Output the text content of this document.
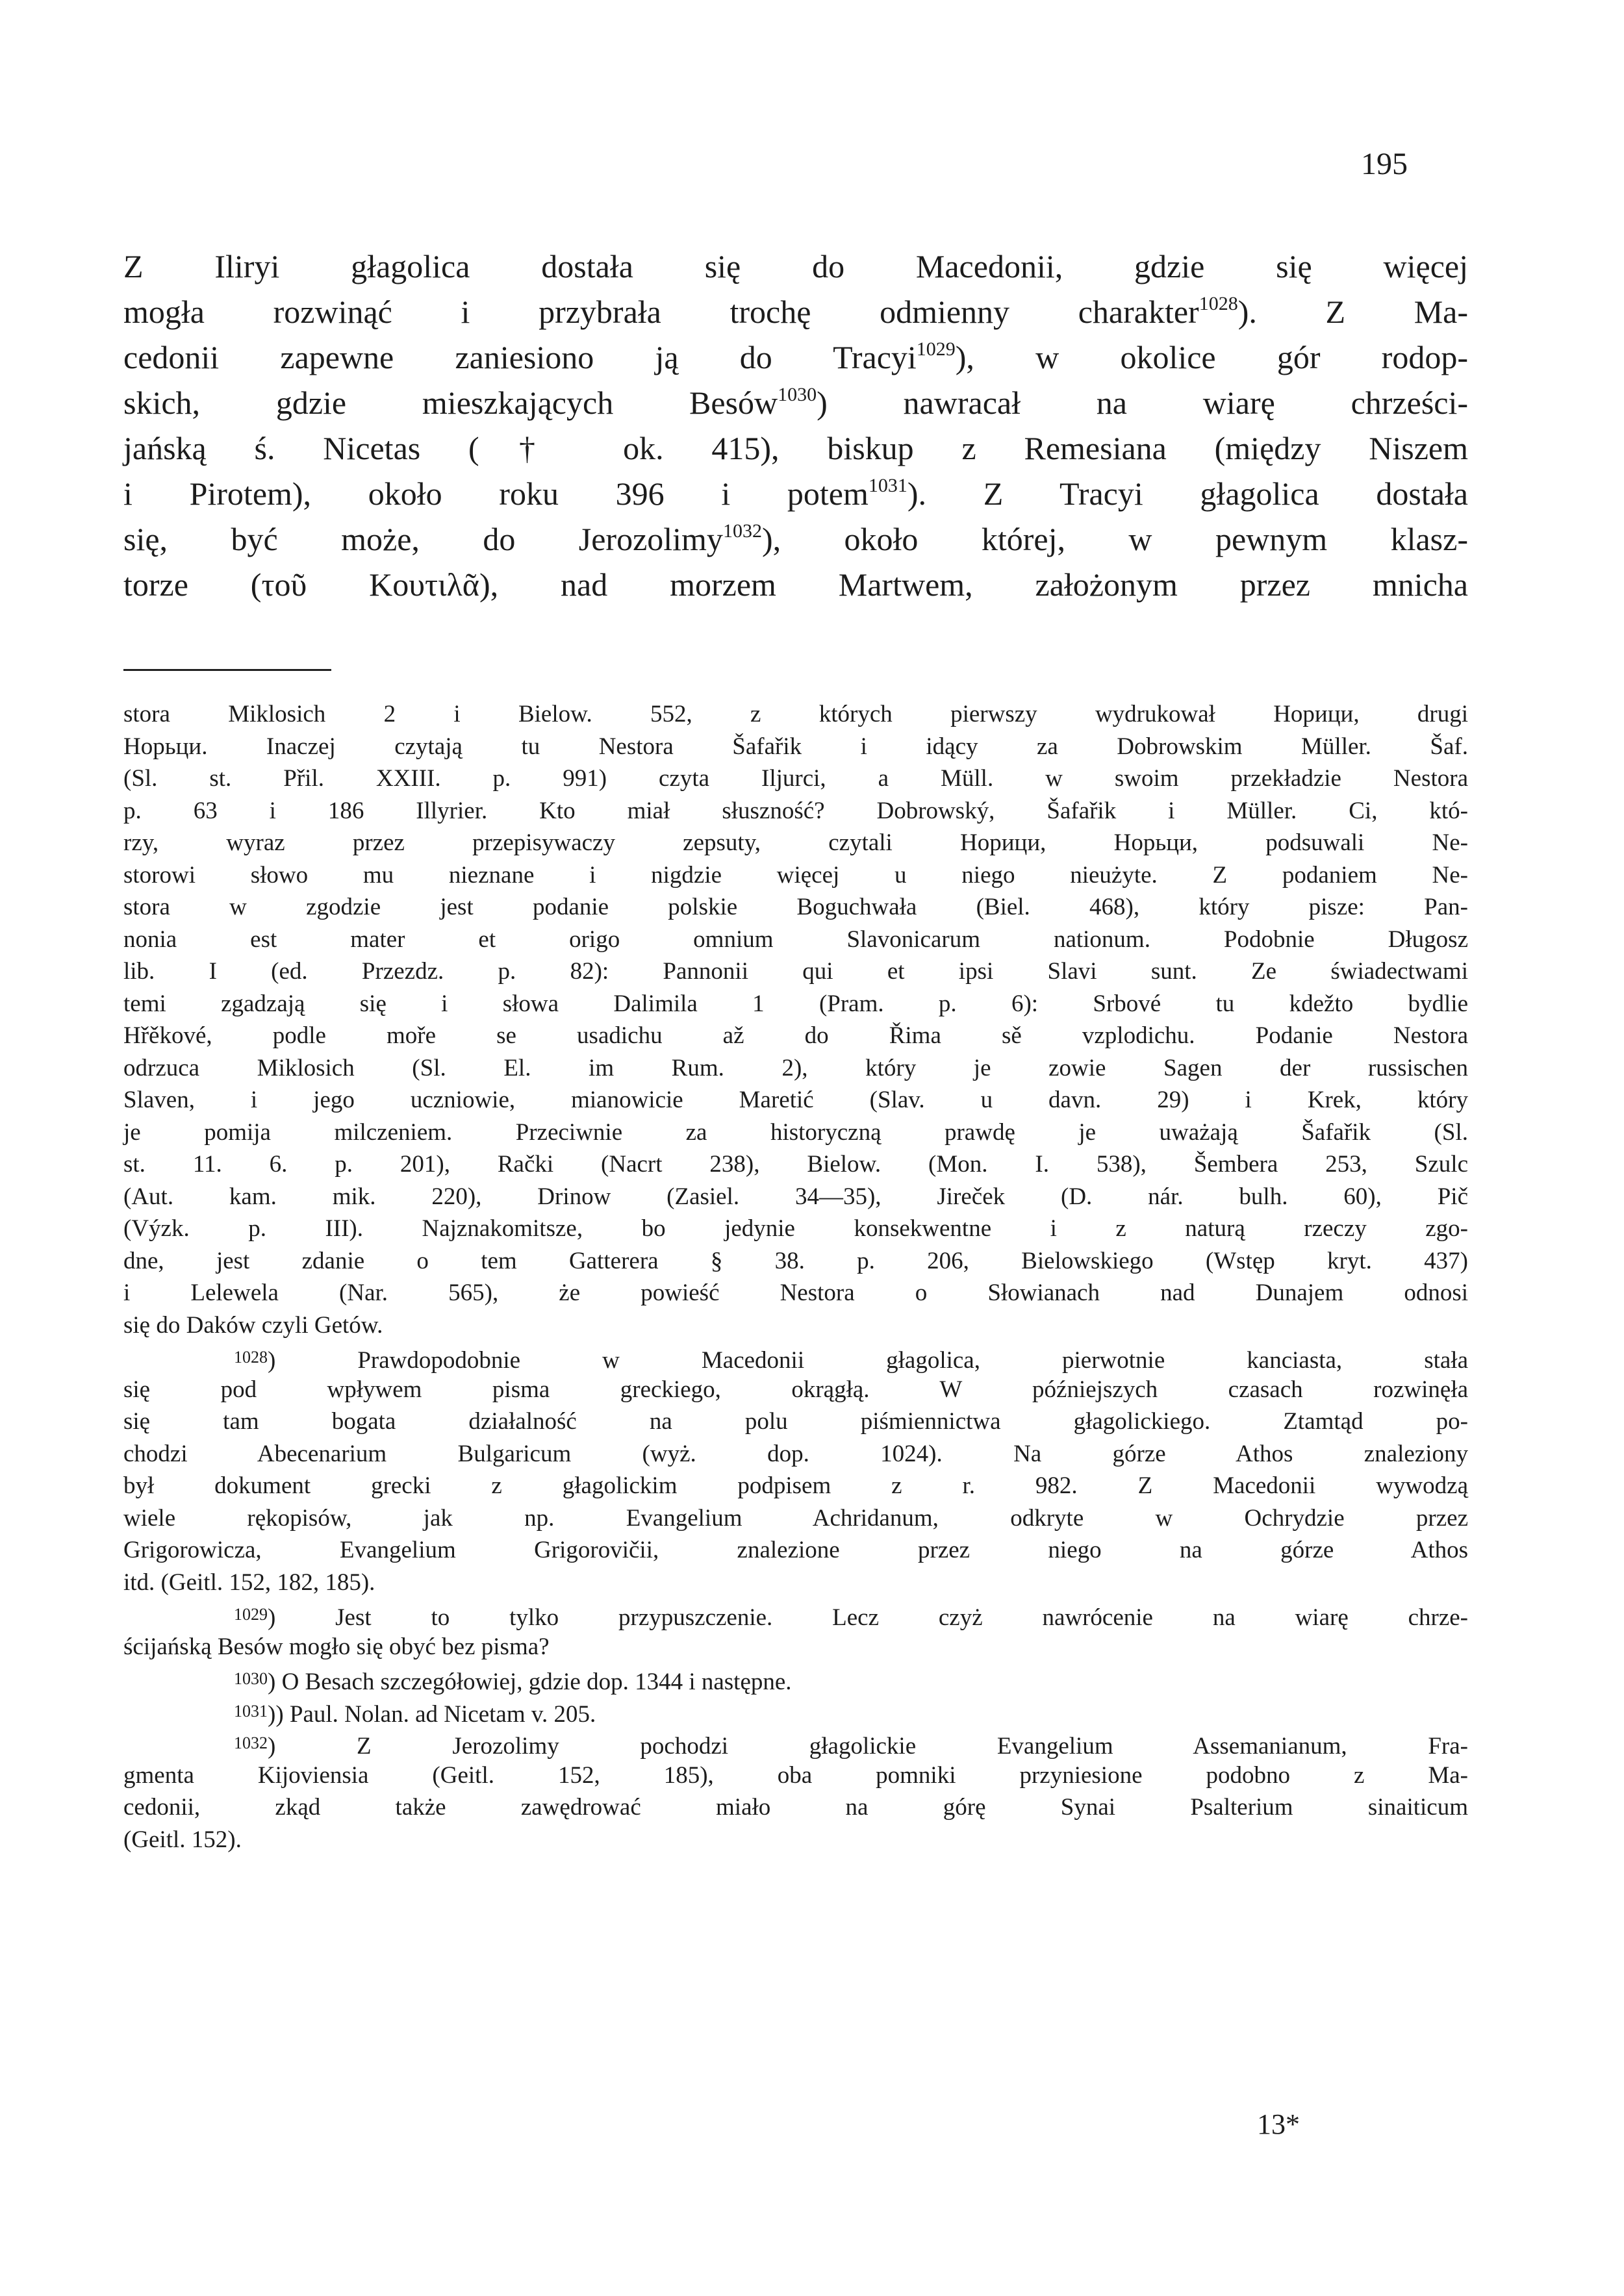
195
Z Iliryi głagolica dostała się do Macedonii, gdzie się więcej
mogła rozwinąć i przybrała trochę odmienny charakter$^{1028}$). Z Ma-
cedonii zapewne zaniesiono ją do Tracyi$^{1029}$), w okolice gór rodop-
skich, gdzie mieszkających Besów$^{1030}$) nawracał na wiarę chrześci-
jańską ś. Nicetas († ok. 415), biskup z Remesiana (między Niszem
i Pirotem), około roku 396 i potem$^{1031}$). Z Tracyi głagolica dostała
się, być może, do Jerozolimy$^{1032}$), około której, w pewnym klasz-
torze (τοῦ Κουτιλᾶ), nad morzem Martwem, założonym przez mnicha
stora Miklosich 2 i Bielow. 552, z których pierwszy wydrukował Норици, drugi
Норьци. Inaczej czytają tu Nestora Šafařik i idący za Dobrowskim Müller. Šaf.
(Sl. st. Přil. XXIII. p. 991) czyta Iljurci, a Müll. w swoim przekładzie Nestora
p. 63 i 186 Illyrier. Kto miał słuszność? Dobrowský, Šafařik i Müller. Ci, któ-
rzy, wyraz przez przepisywaczy zepsuty, czytali Норици, Норьци, podsuwali Ne-
storowi słowo mu nieznane i nigdzie więcej u niego nieużyte. Z podaniem Ne-
stora w zgodzie jest podanie polskie Boguchwała (Biel. 468), który pisze: Pan-
nonia est mater et origo omnium Slavonicarum nationum. Podobnie Długosz
lib. I (ed. Przezdz. p. 82): Pannonii qui et ipsi Slavi sunt. Ze świadectwami
temi zgadzają się i słowa Dalimila 1 (Pram. p. 6): Srbové tu kdežto bydlie
Hřěkové, podle moře se usadichu až do Řima sě vzplodichu. Podanie Nestora
odrzuca Miklosich (Sl. El. im Rum. 2), który je zowie Sagen der russischen
Slaven, i jego uczniowie, mianowicie Maretić (Slav. u davn. 29) i Krek, który
je pomija milczeniem. Przeciwnie za historyczną prawdę je uważają Šafařik (Sl.
st. 11. 6. p. 201), Rački (Nacrt 238), Bielow. (Mon. I. 538), Šembera 253, Szulc
(Aut. kam. mik. 220), Drinow (Zasiel. 34—35), Jireček (D. nár. bulh. 60), Pič
(Výzk. p. III). Najznakomitsze, bo jedynie konsekwentne i z naturą rzeczy zgo-
dne, jest zdanie o tem Gatterera § 38. p. 206, Bielowskiego (Wstęp kryt. 437)
i Lelewela (Nar. 565), że powieść Nestora o Słowianach nad Dunajem odnosi
się do Daków czyli Getów.
$^{1028}$) Prawdopodobnie w Macedonii głagolica, pierwotnie kanciasta, stała
się pod wpływem pisma greckiego, okrągłą. W późniejszych czasach rozwinęła
się tam bogata działalność na polu piśmiennictwa głagolickiego. Ztamtąd po-
chodzi Abecenarium Bulgaricum (wyż. dop. 1024). Na górze Athos znaleziony
był dokument grecki z głagolickim podpisem z r. 982. Z Macedonii wywodzą
wiele rękopisów, jak np. Evangelium Achridanum, odkryte w Ochrydzie przez
Grigorowicza, Evangelium Grigorovičii, znalezione przez niego na górze Athos
itd. (Geitl. 152, 182, 185).
$^{1029}$) Jest to tylko przypuszczenie. Lecz czyż nawrócenie na wiarę chrze-
ścijańską Besów mogło się obyć bez pisma?
$^{1030}$) O Besach szczegółowiej, gdzie dop. 1344 i następne.
$^{1031}$)) Paul. Nolan. ad Nicetam v. 205.
$^{1032}$) Z Jerozolimy pochodzi głagolickie Evangelium Assemanianum, Fra-
gmenta Kijoviensia (Geitl. 152, 185), oba pomniki przyniesione podobno z Ma-
cedonii, zkąd także zawędrować miało na górę Synai Psalterium sinaiticum
(Geitl. 152).
13*
